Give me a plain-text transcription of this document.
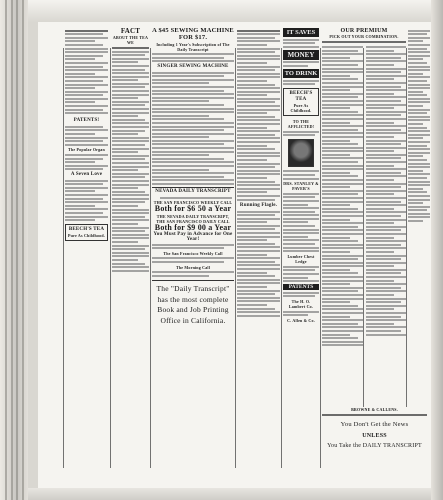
PATENTS!
The Popular Organ
A Seven Love
BEECH'S TEA
Pure As Childhood.
FACT
ABOUT THE TEA WE
A $45 SEWING MACHINE FOR $17.
Including 1 Year's Subscription of The Daily Transcript
SINGER SEWING MACHINE
NEVADA DAILY TRANSCRIPT
THE SAN FRANCISCO WEEKLY CALL
Both for $6 50 a Year
THE NEVADA DAILY TRANSCRIPT,
THE SAN FRANCISCO DAILY CALL
Both for $9 00 a Year
You Must Pay in Advance for One Year!
The San Francisco Weekly Call
The Morning Call
The "Daily Transcript"
has the most complete
Book and Job Printing
Office in California.
Running Flagle.
IT SAVES
MONEY
TO DRINK
BEECH'S TEA
Pure As Childhood.
TO THE AFFLICTED!
DRS. STANLEY & PAVER'S
Lumber Chest Ledge
PATENTS
The H. O. Lambert Co.
C. Allen & Co.
OUR PREMIUM
PICK OUT YOUR COMBINATION.
BROWNE & CALLENS.
You Don't Get the News
UNLESS
You Take the DAILY TRANSCRIPT
